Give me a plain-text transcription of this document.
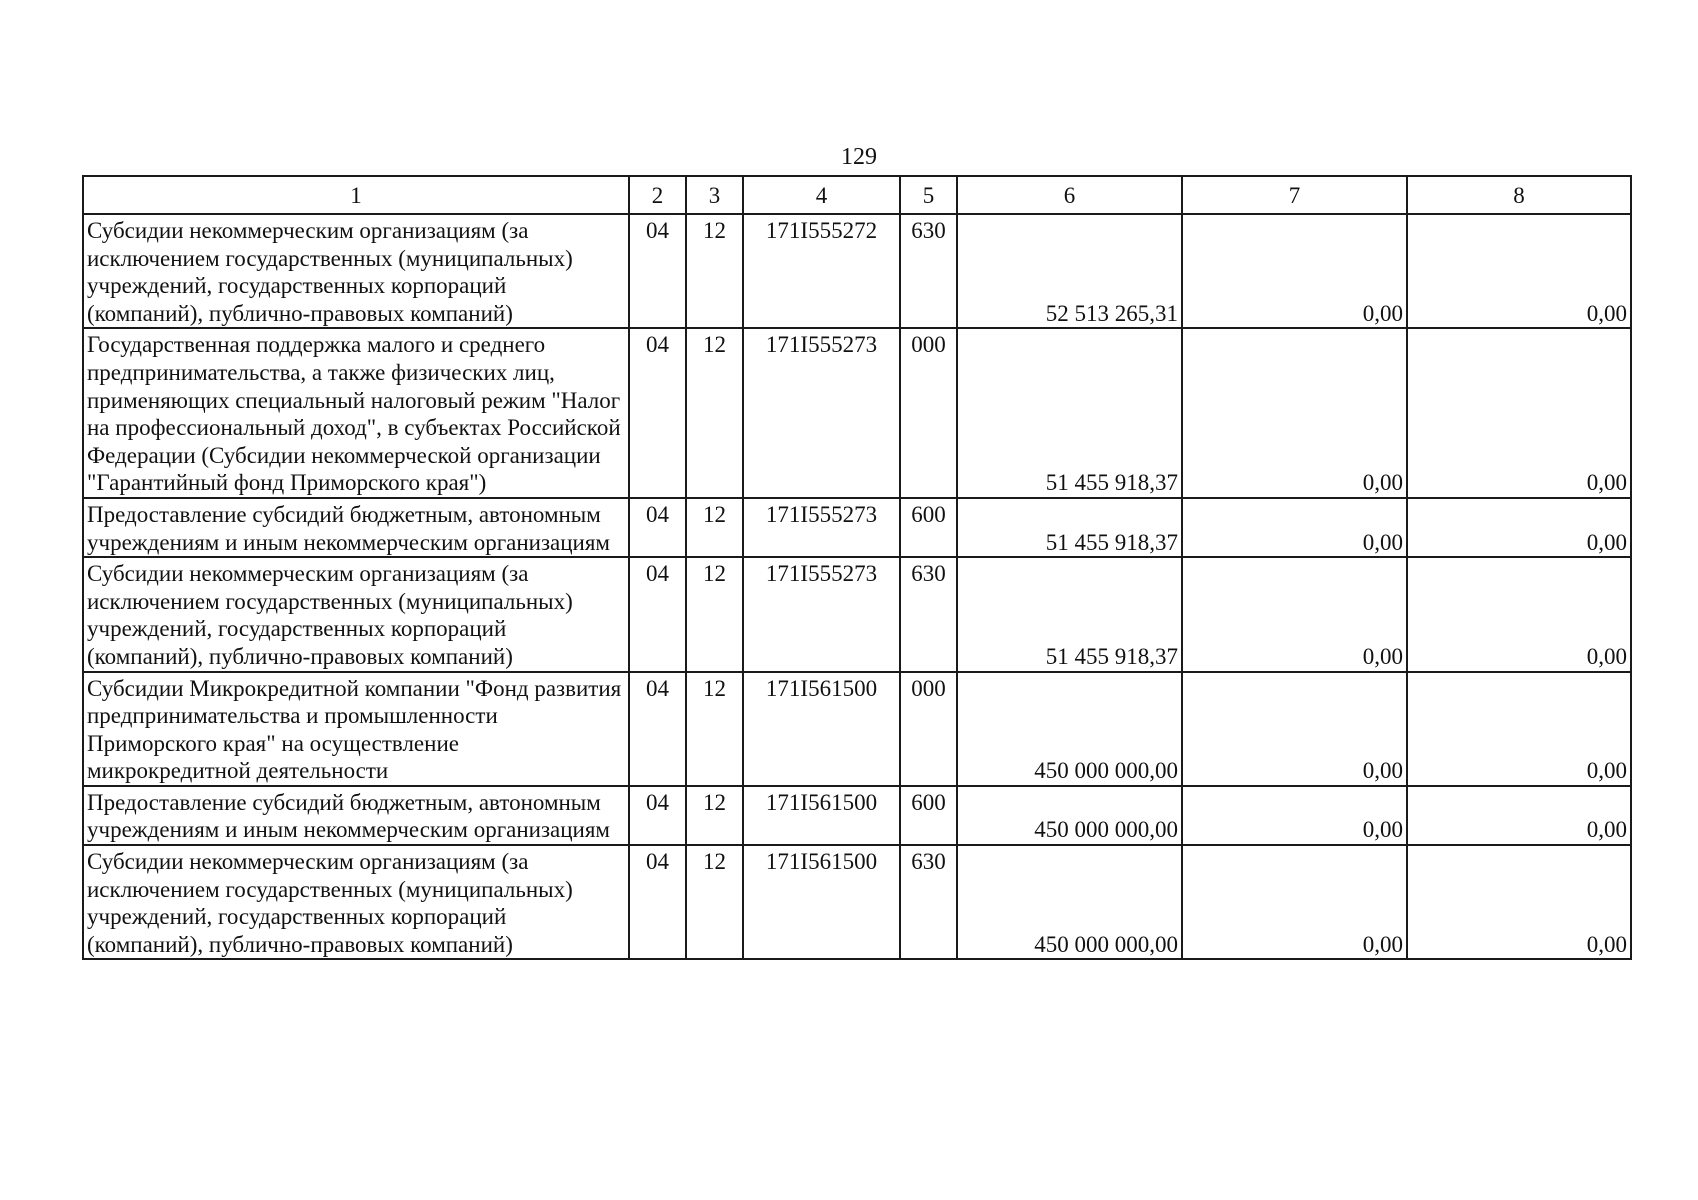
129
1	2	3	4	5	6	7	8
Субсидии некоммерческим организациям (за исключением государственных (муниципальных) учреждений, государственных корпораций (компаний), публично-правовых компаний)	04	12	171I555272	630	52 513 265,31	0,00	0,00
Государственная поддержка малого и среднего предпринимательства, а также физических лиц, применяющих специальный налоговый режим "Налог на профессиональный доход", в субъектах Российской Федерации (Субсидии некоммерческой организации "Гарантийный фонд Приморского края")	04	12	171I555273	000	51 455 918,37	0,00	0,00
Предоставление субсидий бюджетным, автономным учреждениям и иным некоммерческим организациям	04	12	171I555273	600	51 455 918,37	0,00	0,00
Субсидии некоммерческим организациям (за исключением государственных (муниципальных) учреждений, государственных корпораций (компаний), публично-правовых компаний)	04	12	171I555273	630	51 455 918,37	0,00	0,00
Субсидии Микрокредитной компании "Фонд развития предпринимательства и промышленности Приморского края" на осуществление микрокредитной деятельности	04	12	171I561500	000	450 000 000,00	0,00	0,00
Предоставление субсидий бюджетным, автономным учреждениям и иным некоммерческим организациям	04	12	171I561500	600	450 000 000,00	0,00	0,00
Субсидии некоммерческим организациям (за исключением государственных (муниципальных) учреждений, государственных корпораций (компаний), публично-правовых компаний)	04	12	171I561500	630	450 000 000,00	0,00	0,00
